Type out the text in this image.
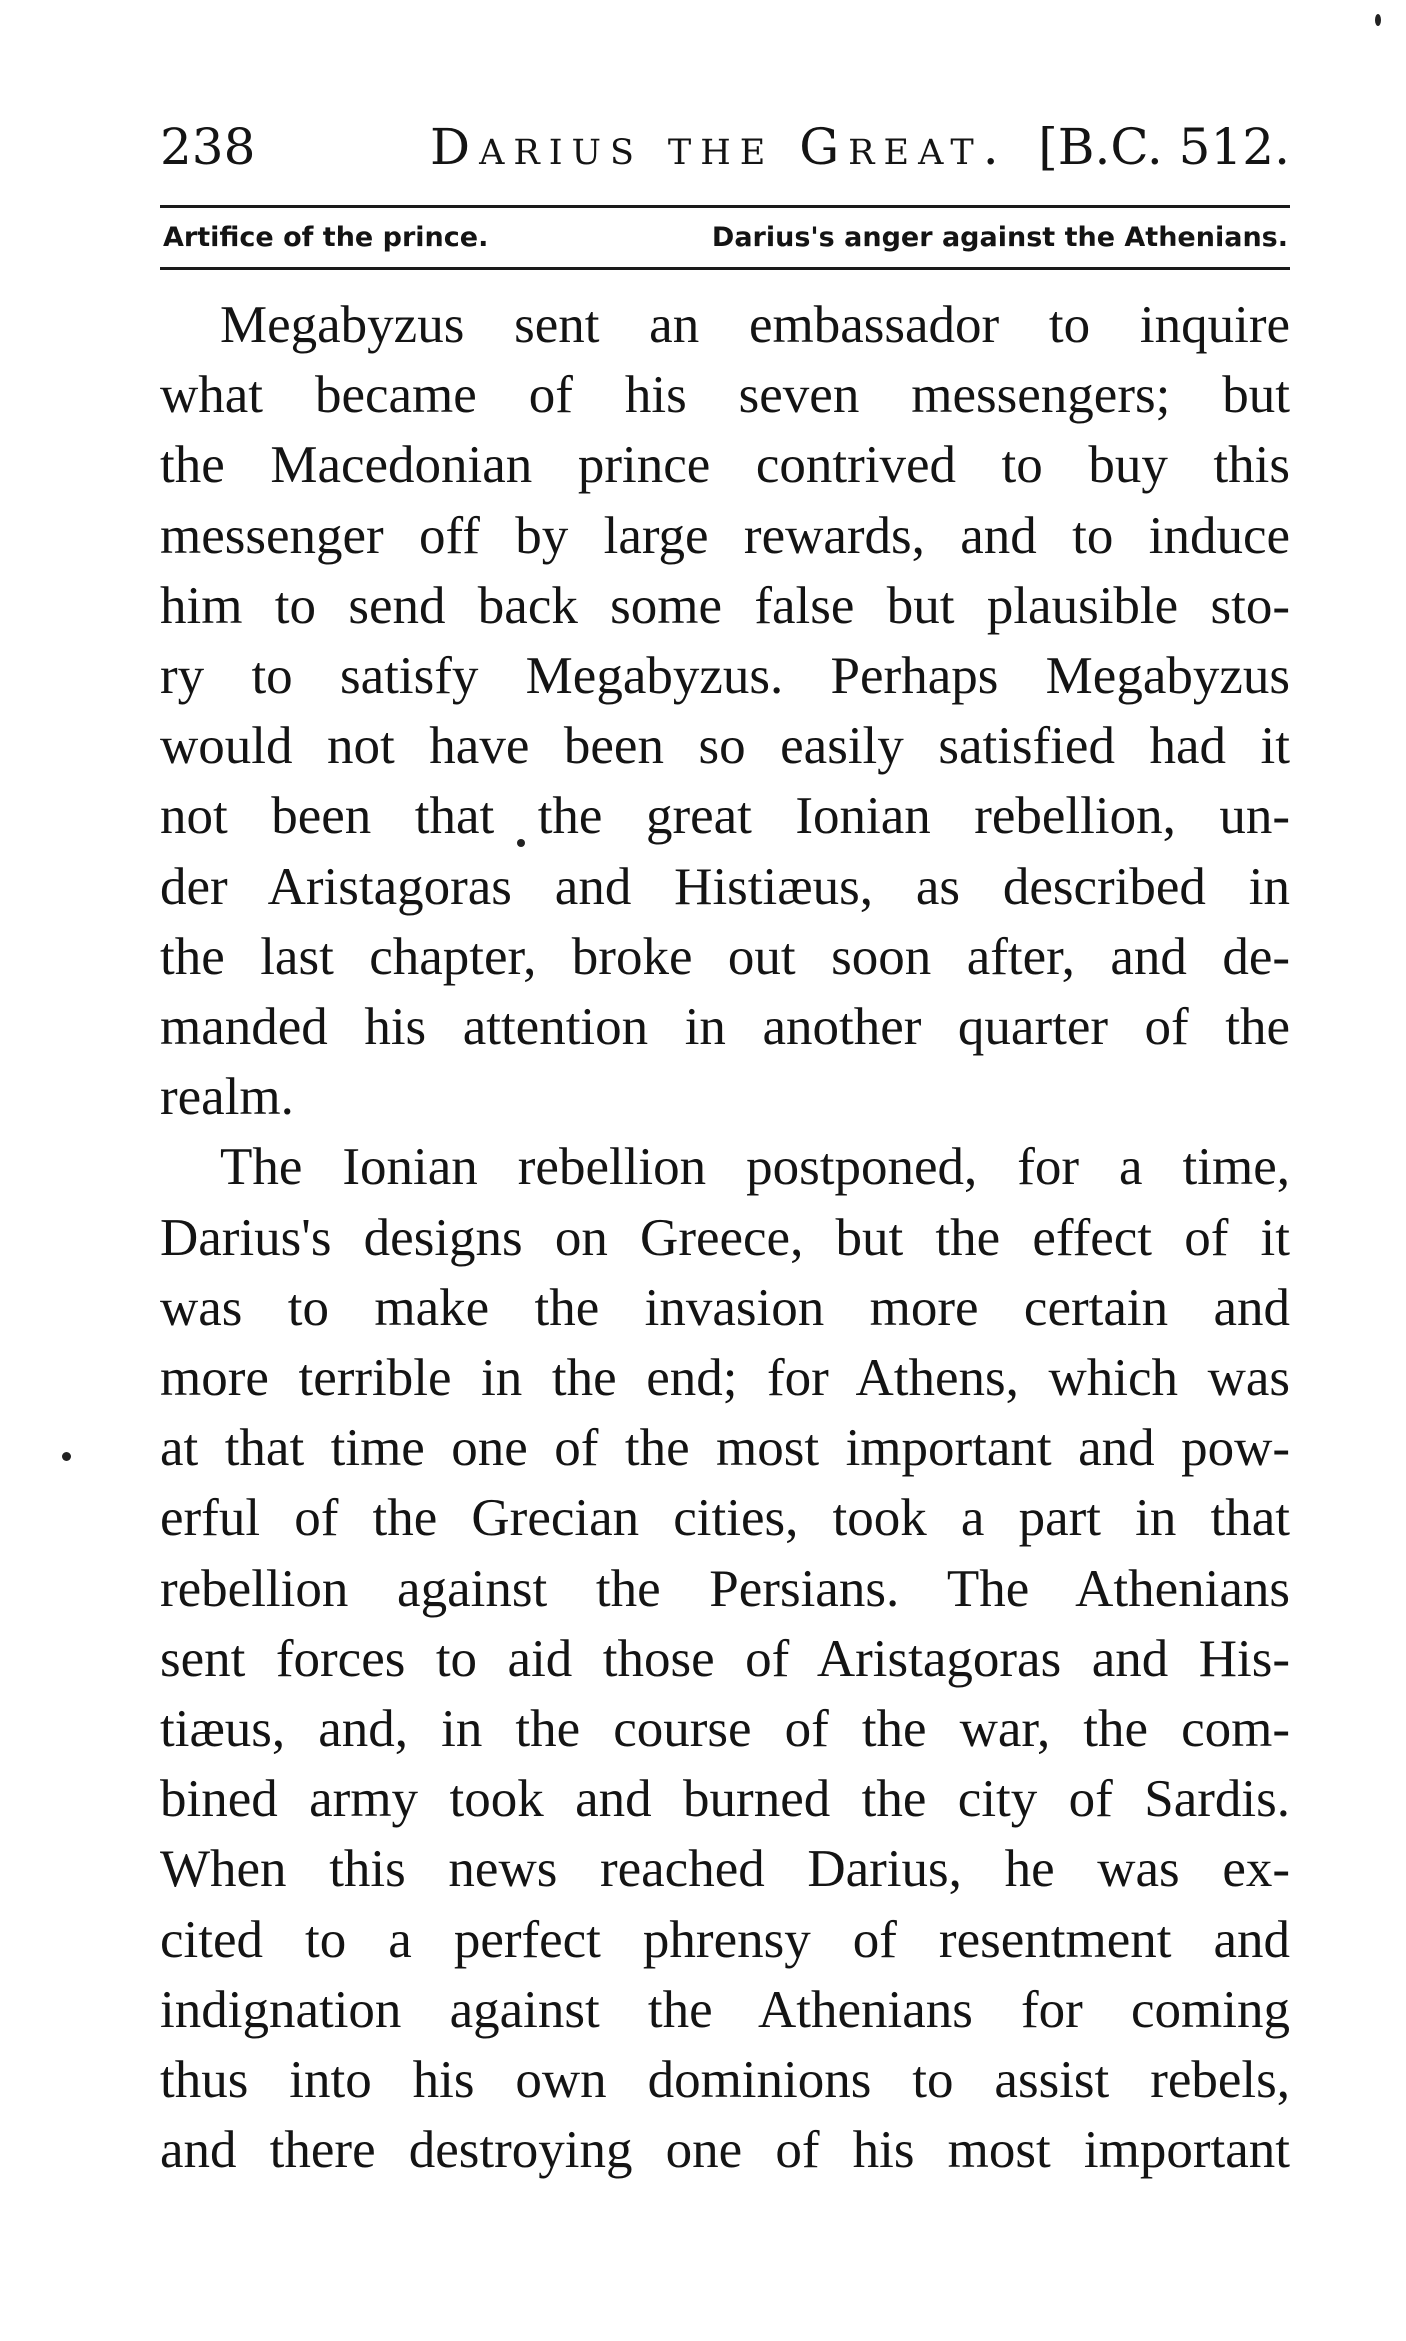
238	Darius the Great. [B.C. 512.
Artifice of the prince.	Darius's anger against the Athenians.
Megabyzus sent an embassador to inquire
what became of his seven messengers; but
the Macedonian prince contrived to buy this
messenger off by large rewards, and to induce
him to send back some false but plausible sto-
ry to satisfy Megabyzus. Perhaps Megabyzus
would not have been so easily satisfied had it
not been that the great Ionian rebellion, un-
der Aristagoras and Histiæus, as described in
the last chapter, broke out soon after, and de-
manded his attention in another quarter of the
realm.
The Ionian rebellion postponed, for a time,
Darius's designs on Greece, but the effect of it
was to make the invasion more certain and
more terrible in the end; for Athens, which was
at that time one of the most important and pow-
erful of the Grecian cities, took a part in that
rebellion against the Persians. The Athenians
sent forces to aid those of Aristagoras and His-
tiæus, and, in the course of the war, the com-
bined army took and burned the city of Sardis.
When this news reached Darius, he was ex-
cited to a perfect phrensy of resentment and
indignation against the Athenians for coming
thus into his own dominions to assist rebels,
and there destroying one of his most important
